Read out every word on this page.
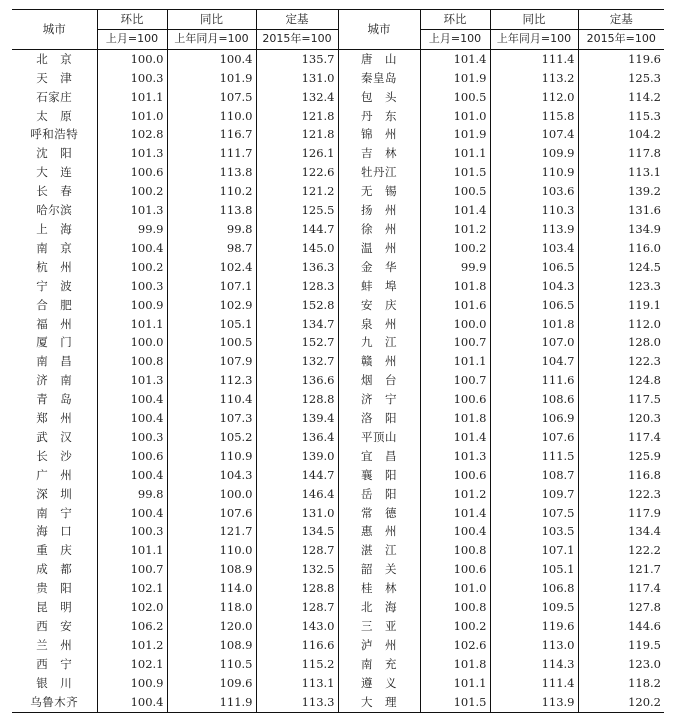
城市	环比	同比	定基	城市	环比	同比	定基
	上月=100	上年同月=100	2015年=100		上月=100	上年同月=100	2015年=100
北　京	100.0	100.4	135.7	唐　山	101.4	111.4	119.6
天　津	100.3	101.9	131.0	秦皇岛	101.9	113.2	125.3
石家庄	101.1	107.5	132.4	包　头	100.5	112.0	114.2
太　原	101.0	110.0	121.8	丹　东	101.0	115.8	115.3
呼和浩特	102.8	116.7	121.8	锦　州	101.9	107.4	104.2
沈　阳	101.3	111.7	126.1	吉　林	101.1	109.9	117.8
大　连	100.6	113.8	122.6	牡丹江	101.5	110.9	113.1
长　春	100.2	110.2	121.2	无　锡	100.5	103.6	139.2
哈尔滨	101.3	113.8	125.5	扬　州	101.4	110.3	131.6
上　海	99.9	99.8	144.7	徐　州	101.2	113.9	134.9
南　京	100.4	98.7	145.0	温　州	100.2	103.4	116.0
杭　州	100.2	102.4	136.3	金　华	99.9	106.5	124.5
宁　波	100.3	107.1	128.3	蚌　埠	101.8	104.3	123.3
合　肥	100.9	102.9	152.8	安　庆	101.6	106.5	119.1
福　州	101.1	105.1	134.7	泉　州	100.0	101.8	112.0
厦　门	100.0	100.5	152.7	九　江	100.7	107.0	128.0
南　昌	100.8	107.9	132.7	赣　州	101.1	104.7	122.3
济　南	101.3	112.3	136.6	烟　台	100.7	111.6	124.8
青　岛	100.4	110.4	128.8	济　宁	100.6	108.6	117.5
郑　州	100.4	107.3	139.4	洛　阳	101.8	106.9	120.3
武　汉	100.3	105.2	136.4	平顶山	101.4	107.6	117.4
长　沙	100.6	110.9	139.0	宜　昌	101.3	111.5	125.9
广　州	100.4	104.3	144.7	襄　阳	100.6	108.7	116.8
深　圳	99.8	100.0	146.4	岳　阳	101.2	109.7	122.3
南　宁	100.4	107.6	131.0	常　德	101.4	107.5	117.9
海　口	100.3	121.7	134.5	惠　州	100.4	103.5	134.4
重　庆	101.1	110.0	128.7	湛　江	100.8	107.1	122.2
成　都	100.7	108.9	132.5	韶　关	100.6	105.1	121.7
贵　阳	102.1	114.0	128.8	桂　林	101.0	106.8	117.4
昆　明	102.0	118.0	128.7	北　海	100.8	109.5	127.8
西　安	106.2	120.0	143.0	三　亚	100.2	119.6	144.6
兰　州	101.2	108.9	116.6	泸　州	102.6	113.0	119.5
西　宁	102.1	110.5	115.2	南　充	101.8	114.3	123.0
银　川	100.9	109.6	113.1	遵　义	101.1	111.4	118.2
乌鲁木齐	100.4	111.9	113.3	大　理	101.5	113.9	120.2
